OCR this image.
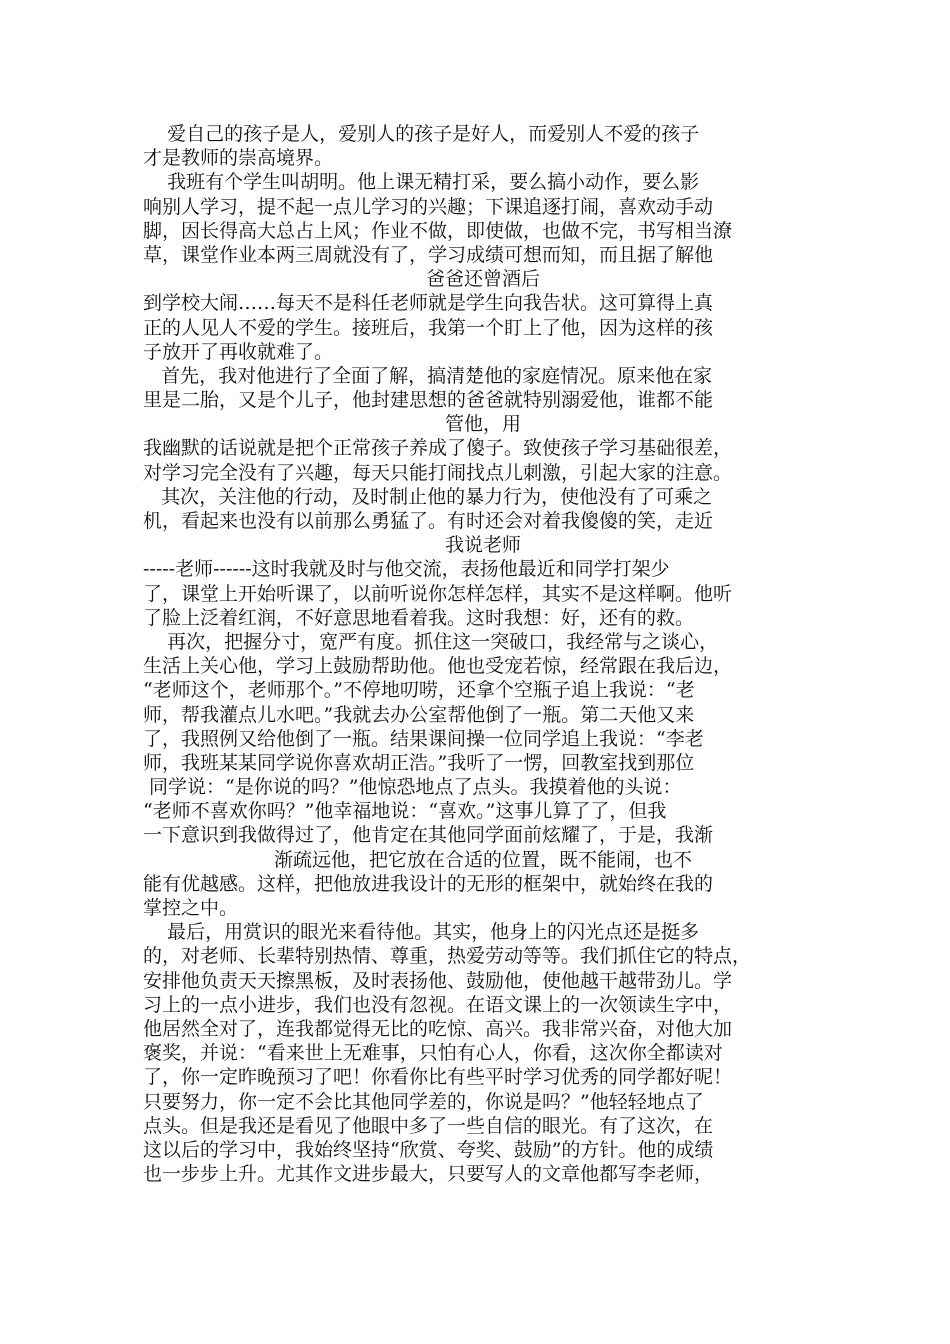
爱自己的孩子是人，爱别人的孩子是好人，而爱别人不爱的孩子
才是教师的崇高境界。
我班有个学生叫胡明。他上课无精打采，要么搞小动作，要么影
响别人学习，提不起一点儿学习的兴趣；下课追逐打闹，喜欢动手动
脚，因长得高大总占上风；作业不做，即使做，也做不完，书写相当潦
草，课堂作业本两三周就没有了，学习成绩可想而知，而且据了解他
爸爸还曾酒后
到学校大闹……每天不是科任老师就是学生向我告状。这可算得上真
正的人见人不爱的学生。接班后，我第一个盯上了他，因为这样的孩
子放开了再收就难了。
首先，我对他进行了全面了解，搞清楚他的家庭情况。原来他在家
里是二胎，又是个儿子，他封建思想的爸爸就特别溺爱他，谁都不能
管他，用
我幽默的话说就是把个正常孩子养成了傻子。致使孩子学习基础很差，
对学习完全没有了兴趣，每天只能打闹找点儿刺激，引起大家的注意。
其次，关注他的行动，及时制止他的暴力行为，使他没有了可乘之
机，看起来也没有以前那么勇猛了。有时还会对着我傻傻的笑，走近
我说老师
-----老师------这时我就及时与他交流，表扬他最近和同学打架少
了，课堂上开始听课了，以前听说你怎样怎样，其实不是这样啊。他听
了脸上泛着红润，不好意思地看着我。这时我想：好，还有的救。
再次，把握分寸，宽严有度。抓住这一突破口，我经常与之谈心，
生活上关心他，学习上鼓励帮助他。他也受宠若惊，经常跟在我后边，
“老师这个，老师那个。”不停地叨唠，还拿个空瓶子追上我说：“老
师，帮我灌点儿水吧。”我就去办公室帮他倒了一瓶。第二天他又来
了，我照例又给他倒了一瓶。结果课间操一位同学追上我说：“李老
师，我班某某同学说你喜欢胡正浩。”我听了一愣，回教室找到那位
同学说：“是你说的吗？”他惊恐地点了点头。我摸着他的头说：
“老师不喜欢你吗？”他幸福地说：“喜欢。”这事儿算了了，但我
一下意识到我做得过了，他肯定在其他同学面前炫耀了，于是，我渐
渐疏远他，把它放在合适的位置，既不能闹，也不
能有优越感。这样，把他放进我设计的无形的框架中，就始终在我的
掌控之中。
最后，用赏识的眼光来看待他。其实，他身上的闪光点还是挺多
的，对老师、长辈特别热情、尊重，热爱劳动等等。我们抓住它的特点，
安排他负责天天擦黑板，及时表扬他、鼓励他，使他越干越带劲儿。学
习上的一点小进步，我们也没有忽视。在语文课上的一次领读生字中，
他居然全对了，连我都觉得无比的吃惊、高兴。我非常兴奋，对他大加
褒奖，并说：“看来世上无难事，只怕有心人，你看，这次你全都读对
了，你一定昨晚预习了吧！你看你比有些平时学习优秀的同学都好呢！
只要努力，你一定不会比其他同学差的，你说是吗？”他轻轻地点了
点头。但是我还是看见了他眼中多了一些自信的眼光。有了这次，在
这以后的学习中，我始终坚持“欣赏、夸奖、鼓励”的方针。他的成绩
也一步步上升。尤其作文进步最大，只要写人的文章他都写李老师，
